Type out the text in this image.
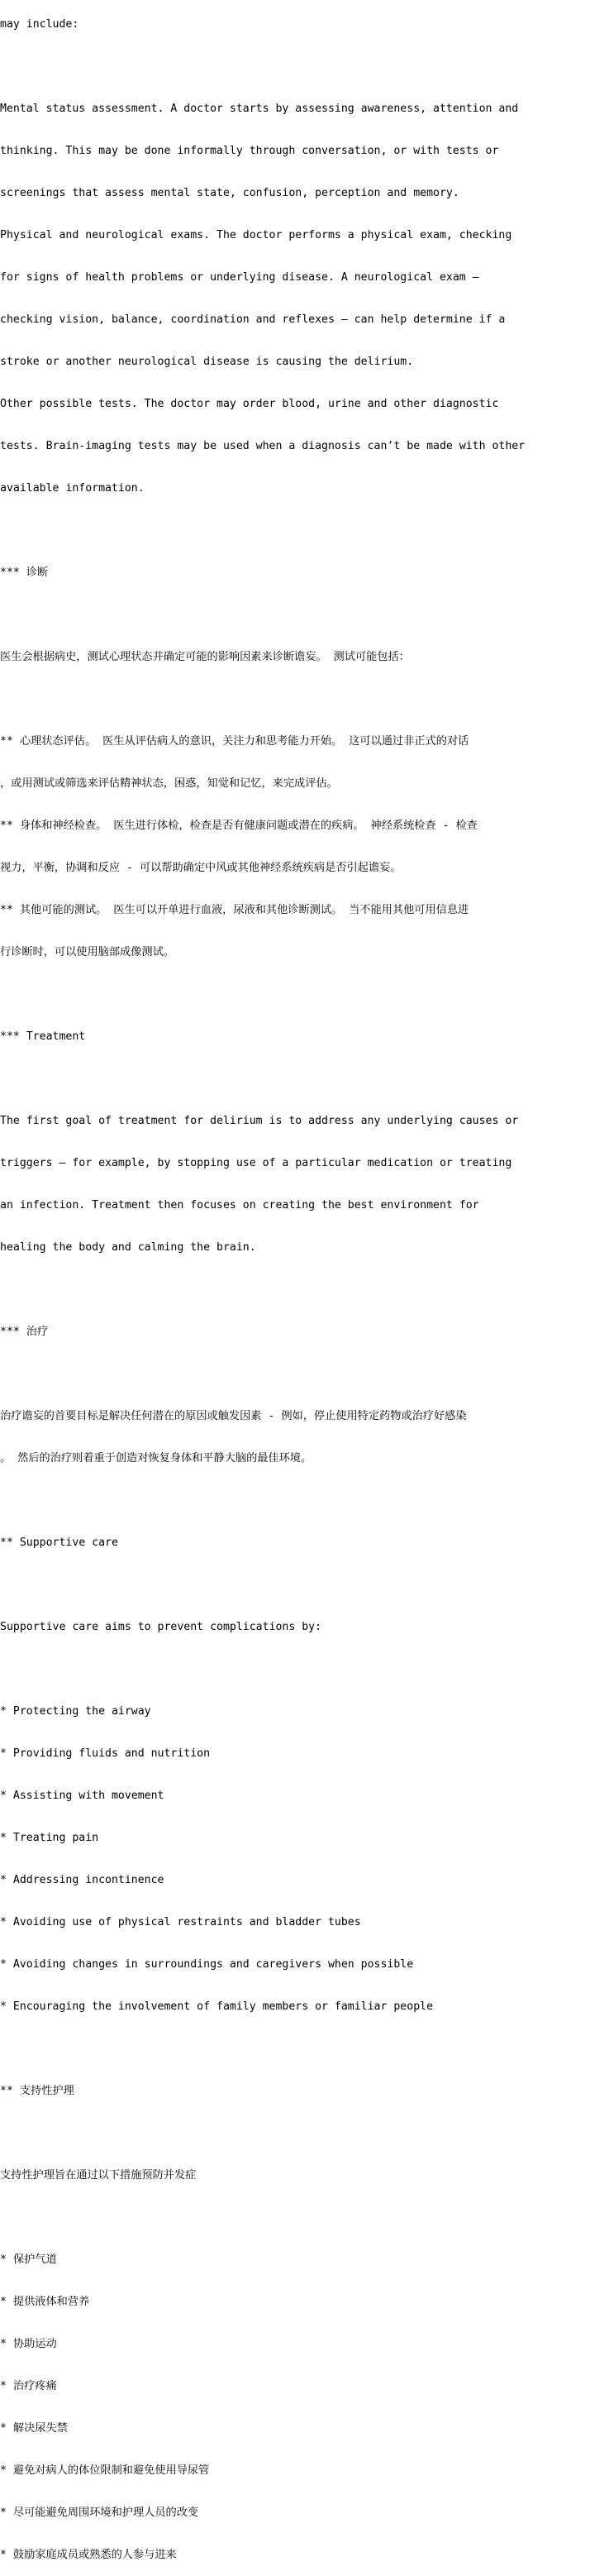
may include:

Mental status assessment. A doctor starts by assessing awareness, attention and

thinking. This may be done informally through conversation, or with tests or

screenings that assess mental state, confusion, perception and memory.

Physical and neurological exams. The doctor performs a physical exam, checking

for signs of health problems or underlying disease. A neurological exam —

checking vision, balance, coordination and reflexes — can help determine if a

stroke or another neurological disease is causing the delirium.

Other possible tests. The doctor may order blood, urine and other diagnostic

tests. Brain-imaging tests may be used when a diagnosis can’t be made with other

available information.

*** 诊断

医生会根据病史，测试心理状态并确定可能的影响因素来诊断谵妄。 测试可能包括：

** 心理状态评估。 医生从评估病人的意识，关注力和思考能力开始。 这可以通过非正式的对话

，或用测试或筛选来评估精神状态，困惑，知觉和记忆，来完成评估。

** 身体和神经检查。 医生进行体检，检查是否有健康问题或潜在的疾病。 神经系统检查 - 检查

视力，平衡，协调和反应 - 可以帮助确定中风或其他神经系统疾病是否引起谵妄。

** 其他可能的测试。 医生可以开单进行血液，尿液和其他诊断测试。 当不能用其他可用信息进

行诊断时，可以使用脑部成像测试。

*** Treatment

The first goal of treatment for delirium is to address any underlying causes or

triggers — for example, by stopping use of a particular medication or treating

an infection. Treatment then focuses on creating the best environment for

healing the body and calming the brain.

*** 治疗

治疗谵妄的首要目标是解决任何潜在的原因或触发因素 - 例如，停止使用特定药物或治疗好感染

。 然后的治疗则着重于创造对恢复身体和平静大脑的最佳环境。

** Supportive care

Supportive care aims to prevent complications by:

* Protecting the airway

* Providing fluids and nutrition

* Assisting with movement

* Treating pain

* Addressing incontinence

* Avoiding use of physical restraints and bladder tubes

* Avoiding changes in surroundings and caregivers when possible

* Encouraging the involvement of family members or familiar people

** 支持性护理

支持性护理旨在通过以下措施预防并发症

* 保护气道

* 提供液体和营养

* 协助运动

* 治疗疼痛

* 解决尿失禁

* 避免对病人的体位限制和避免使用导尿管

* 尽可能避免周围环境和护理人员的改变

* 鼓励家庭成员或熟悉的人参与进来
